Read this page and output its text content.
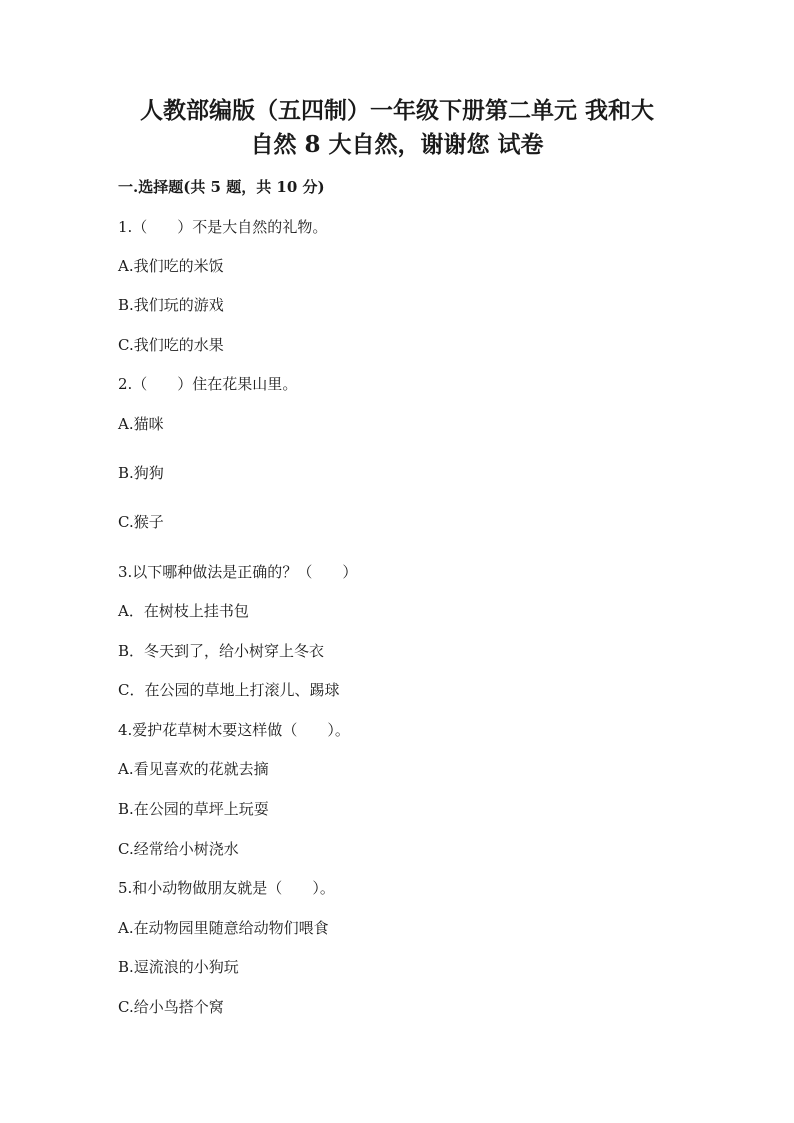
人教部编版（五四制）一年级下册第二单元 我和大
自然 8 大自然，谢谢您 试卷
一.选择题(共 5 题，共 10 分)
1.（　　）不是大自然的礼物。
A.我们吃的米饭
B.我们玩的游戏
C.我们吃的水果
2.（　　）住在花果山里。
A.猫咪
B.狗狗
C.猴子
3.以下哪种做法是正确的？（　　）
A．在树枝上挂书包
B．冬天到了，给小树穿上冬衣
C．在公园的草地上打滚儿、踢球
4.爱护花草树木要这样做（　　）。
A.看见喜欢的花就去摘
B.在公园的草坪上玩耍
C.经常给小树浇水
5.和小动物做朋友就是（　　）。
A.在动物园里随意给动物们喂食
B.逗流浪的小狗玩
C.给小鸟搭个窝
